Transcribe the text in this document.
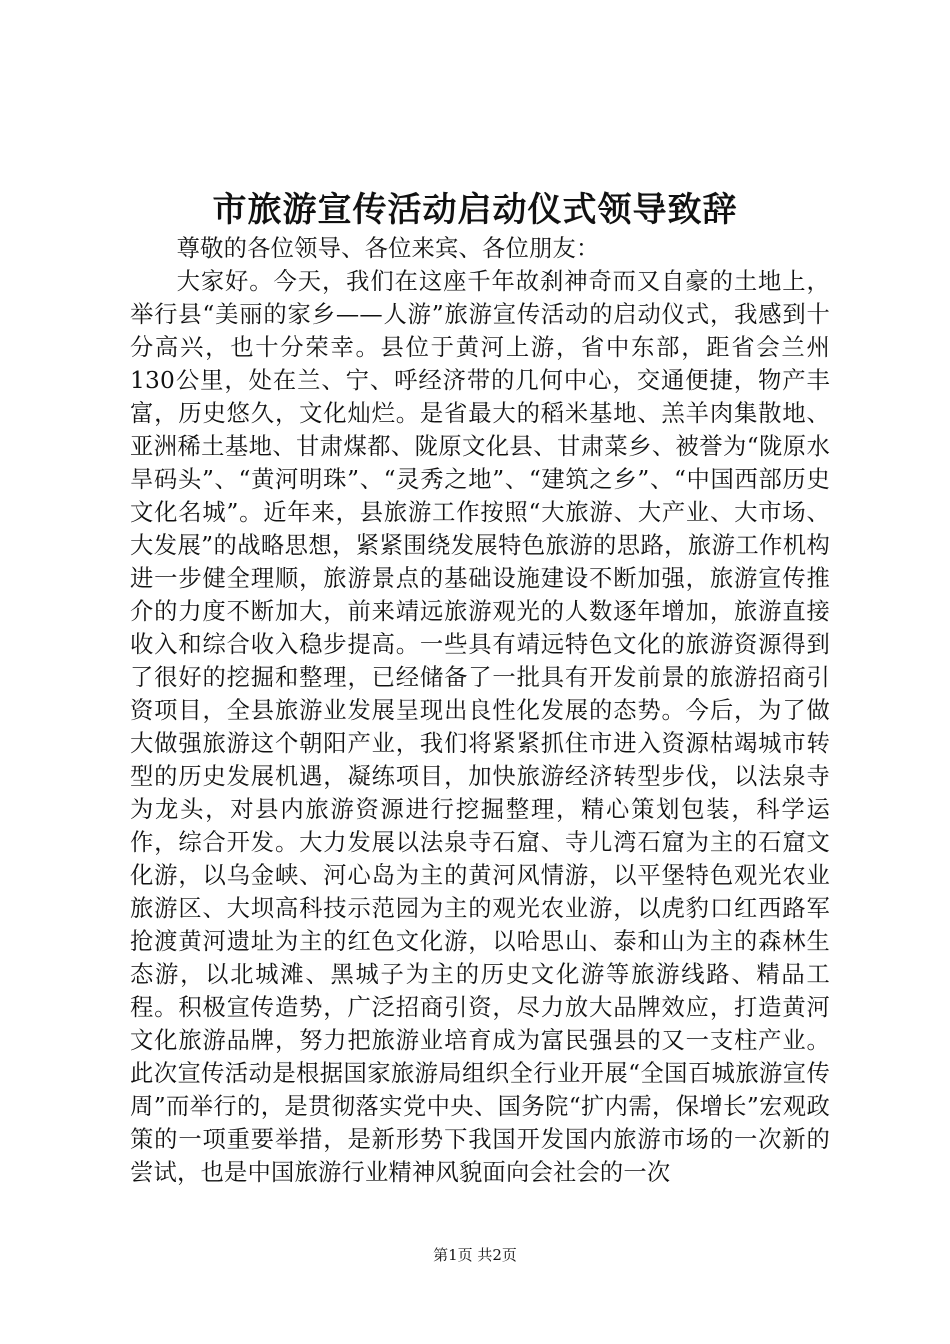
市旅游宣传活动启动仪式领导致辞

尊敬的各位领导、各位来宾、各位朋友：

大家好。今天，我们在这座千年故刹神奇而又自豪的土地上，举行县“美丽的家乡——人游”旅游宣传活动的启动仪式，我感到十分高兴，也十分荣幸。县位于黄河上游，省中东部，距省会兰州130公里，处在兰、宁、呼经济带的几何中心，交通便捷，物产丰富，历史悠久，文化灿烂。是省最大的稻米基地、羔羊肉集散地、亚洲稀土基地、甘肃煤都、陇原文化县、甘肃菜乡、被誉为“陇原水旱码头”、“黄河明珠”、“灵秀之地”、“建筑之乡”、“中国西部历史文化名城”。近年来，县旅游工作按照“大旅游、大产业、大市场、大发展”的战略思想，紧紧围绕发展特色旅游的思路，旅游工作机构进一步健全理顺，旅游景点的基础设施建设不断加强，旅游宣传推介的力度不断加大，前来靖远旅游观光的人数逐年增加，旅游直接收入和综合收入稳步提高。一些具有靖远特色文化的旅游资源得到了很好的挖掘和整理，已经储备了一批具有开发前景的旅游招商引资项目，全县旅游业发展呈现出良性化发展的态势。今后，为了做大做强旅游这个朝阳产业，我们将紧紧抓住市进入资源枯竭城市转型的历史发展机遇，凝练项目，加快旅游经济转型步伐，以法泉寺为龙头，对县内旅游资源进行挖掘整理，精心策划包装，科学运作，综合开发。大力发展以法泉寺石窟、寺儿湾石窟为主的石窟文化游，以乌金峡、河心岛为主的黄河风情游，以平堡特色观光农业旅游区、大坝高科技示范园为主的观光农业游，以虎豹口红西路军抢渡黄河遗址为主的红色文化游，以哈思山、泰和山为主的森林生态游，以北城滩、黑城子为主的历史文化游等旅游线路、精品工程。积极宣传造势，广泛招商引资，尽力放大品牌效应，打造黄河文化旅游品牌，努力把旅游业培育成为富民强县的又一支柱产业。此次宣传活动是根据国家旅游局组织全行业开展“全国百城旅游宣传周”而举行的，是贯彻落实党中央、国务院“扩内需，保增长”宏观政策的一项重要举措，是新形势下我国开发国内旅游市场的一次新的尝试，也是中国旅游行业精神风貌面向会社会的一次

第1页 共2页
